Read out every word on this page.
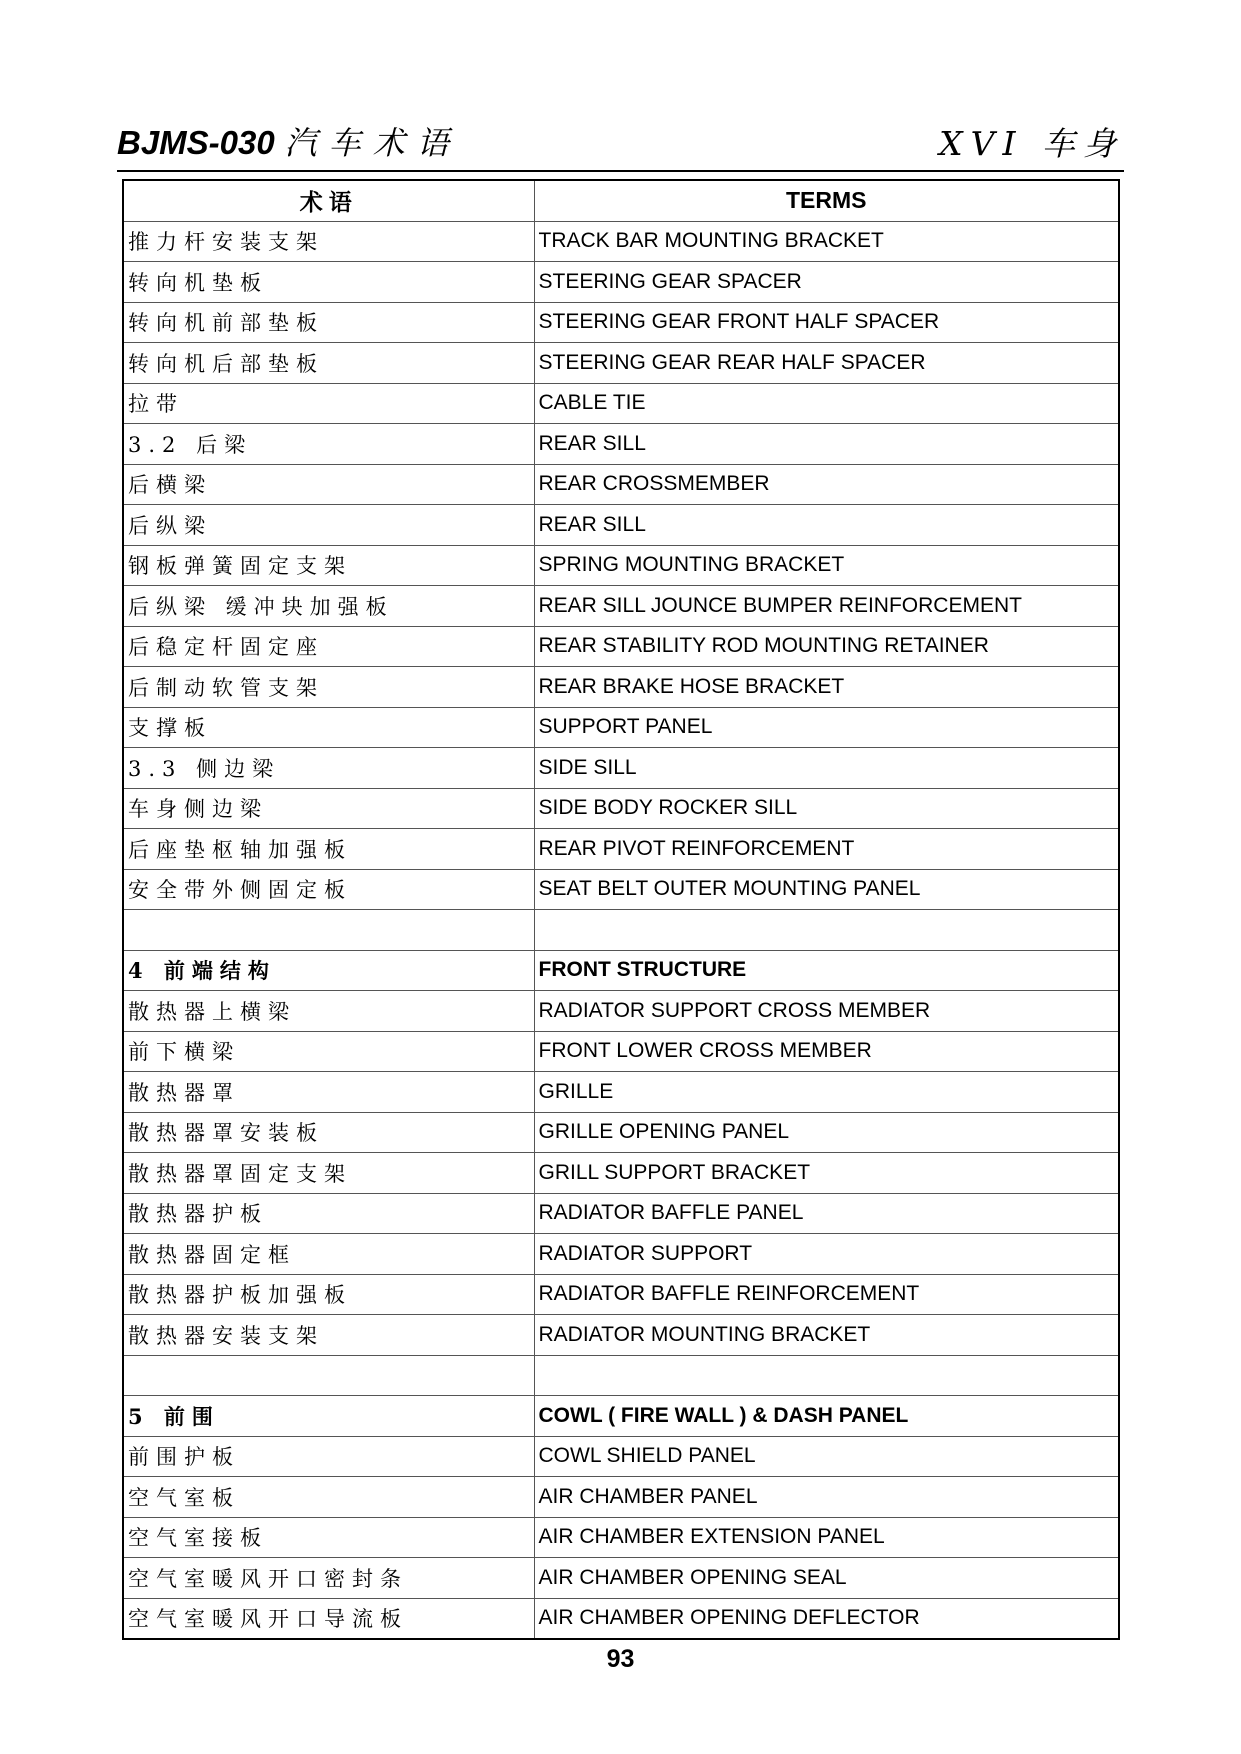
BJMS-030 汽车术语	XVI 车身
术语	TERMS
推力杆安装支架	TRACK BAR MOUNTING BRACKET
转向机垫板	STEERING GEAR SPACER
转向机前部垫板	STEERING GEAR FRONT HALF SPACER
转向机后部垫板	STEERING GEAR REAR HALF SPACER
拉带	CABLE TIE
3.2 后梁	REAR SILL
后横梁	REAR CROSSMEMBER
后纵梁	REAR SILL
钢板弹簧固定支架	SPRING MOUNTING BRACKET
后纵梁 缓冲块加强板	REAR SILL JOUNCE BUMPER REINFORCEMENT
后稳定杆固定座	REAR STABILITY ROD MOUNTING RETAINER
后制动软管支架	REAR BRAKE HOSE BRACKET
支撑板	SUPPORT PANEL
3.3 侧边梁	SIDE SILL
车身侧边梁	SIDE BODY ROCKER SILL
后座垫枢轴加强板	REAR PIVOT REINFORCEMENT
安全带外侧固定板	SEAT BELT OUTER MOUNTING PANEL

4 前端结构	FRONT STRUCTURE
散热器上横梁	RADIATOR SUPPORT CROSS MEMBER
前下横梁	FRONT LOWER CROSS MEMBER
散热器罩	GRILLE
散热器罩安装板	GRILLE OPENING PANEL
散热器罩固定支架	GRILL SUPPORT BRACKET
散热器护板	RADIATOR BAFFLE PANEL
散热器固定框	RADIATOR SUPPORT
散热器护板加强板	RADIATOR BAFFLE REINFORCEMENT
散热器安装支架	RADIATOR MOUNTING BRACKET

5 前围	COWL ( FIRE WALL ) & DASH PANEL
前围护板	COWL SHIELD PANEL
空气室板	AIR CHAMBER PANEL
空气室接板	AIR CHAMBER EXTENSION PANEL
空气室暖风开口密封条	AIR CHAMBER OPENING SEAL
空气室暖风开口导流板	AIR CHAMBER OPENING DEFLECTOR
93
